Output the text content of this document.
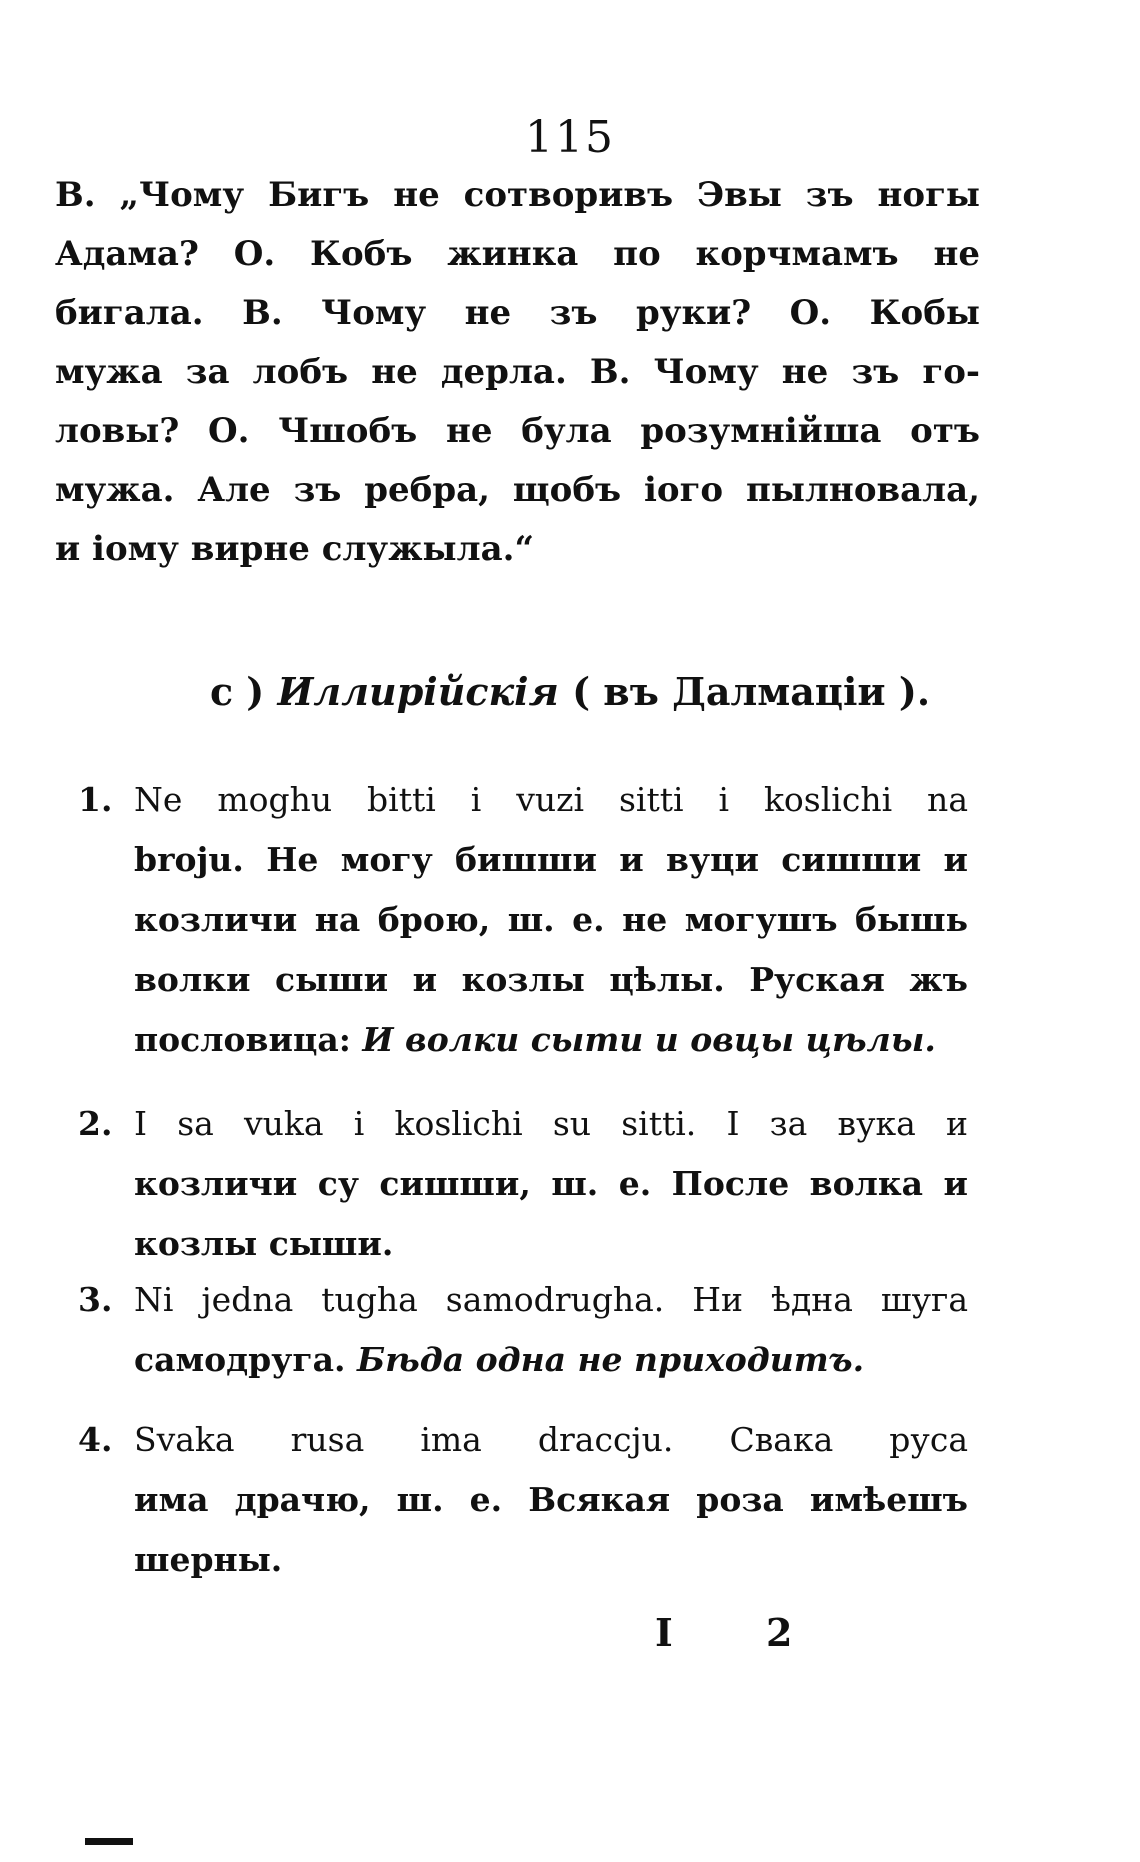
115
В. „Чому Бигъ не сотворивъ Эвы зъ ногы
Адама? О. Кобъ жинка по корчмамъ не
бигала. В. Чому не зъ руки? О. Кобы
мужа за лобъ не дерла. В. Чому не зъ го-
ловы? О. Чшобъ не була розумнійша отъ
мужа. Але зъ ребра, щобъ іого пылновала,
и іому вирне служыла.“
c ) Иллирійскія ( въ Далмаціи ).
1. Ne moghu bitti i vuzi sitti i koslichi na
broju. Не могу бишши и вуци сишши и
козличи на брою, ш. е. не могушъ бышь
волки сыши и козлы цѣлы. Руская жъ
пословица: И волки сыти и овцы цѣлы.
2. I sa vuka i koslichi su sitti. I за вука и
козличи су сишши, ш. е. После волка и
козлы сыши.
3. Ni jedna tugha samodrugha. Ни ѣдна шуга
самодруга. Бѣда одна не приходитъ.
4. Svaka rusa ima draccju. Свака руса
има драчю, ш. е. Всякая роза имѣешъ
шерны.
I 2
